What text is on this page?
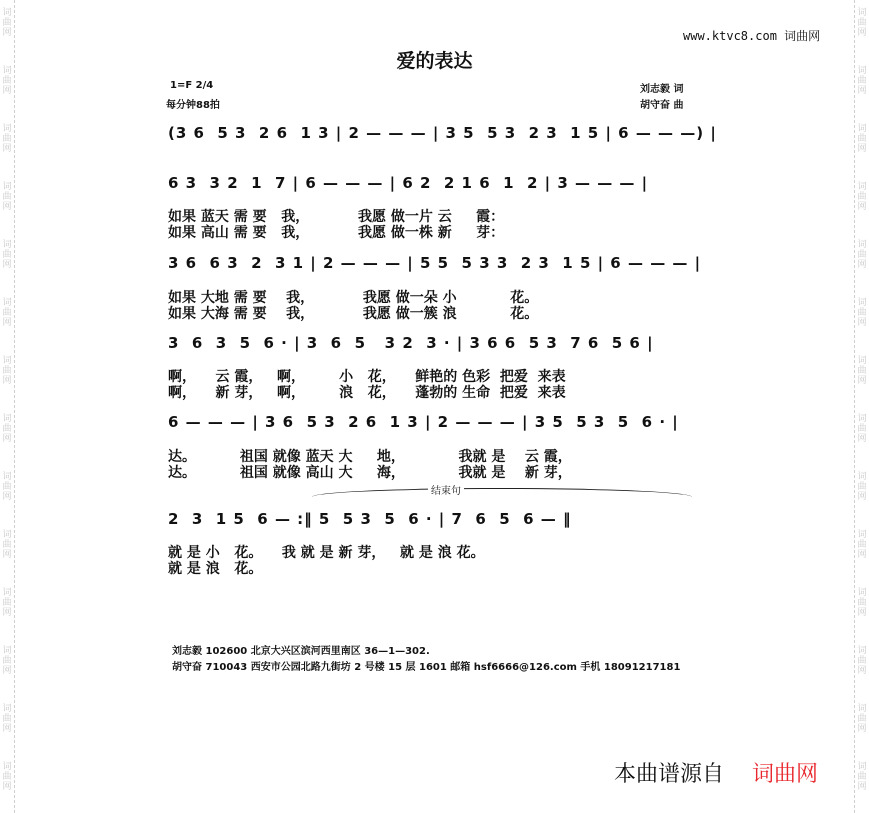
词
曲
网
词
曲
网
词
曲
网
词
曲
网
词
曲
网
词
曲
网
词
曲
网
词
曲
网
词
曲
网
词
曲
网
词
曲
网
词
曲
网
词
曲
网
词
曲
网
词
曲
网
词
曲
网
词
曲
网
词
曲
网
词
曲
网
词
曲
网
词
曲
网
词
曲
网
词
曲
网
词
曲
网
词
曲
网
词
曲
网
词
曲
网
词
曲
网
www.ktvc8.com 词曲网
爱的表达
1=F 2/4
每分钟88拍
刘志毅 词
胡守奋 曲
(3 6  5 3  2 6  1 3 | 2 — — — | 3 5  5 3  2 3  1 5 | 6 — — —) |
6 3  3 2  1  7 | 6 — — — | 6 2  2 1 6  1  2 | 3 — — — |
如果 蓝天 需 要   我，          我愿 做一片 云     霞：
如果 高山 需 要   我，          我愿 做一株 新     芽：
3 6  6 3  2  3 1 | 2 — — — | 5 5  5 3 3  2 3  1 5 | 6 — — — |
如果 大地 需 要    我，          我愿 做一朵 小           花。
如果 大海 需 要    我，          我愿 做一簇 浪           花。
3  6  3  5  6 · | 3  6  5   3 2  3 · | 3 6 6  5 3  7 6  5 6 |
啊，    云 霞，   啊，       小   花，    鲜艳的 色彩  把爱  来表
啊，    新 芽，   啊，       浪   花，    蓬勃的 生命  把爱  来表
6 — — — | 3 6  5 3  2 6  1 3 | 2 — — — | 3 5  5 3  5  6 · |
达。         祖国 就像 蓝天 大     地，           我就 是    云 霞，
达。         祖国 就像 高山 大     海，           我就 是    新 芽，
结束句
2  3  1 5  6 — :‖ 5  5 3  5  6 · | 7  6  5  6 — ‖
就 是 小   花。    我 就 是 新 芽，   就 是 浪 花。
就 是 浪   花。
刘志毅 102600 北京大兴区滨河西里南区 36—1—302.
胡守奋 710043 西安市公园北路九街坊 2 号楼 15 层 1601 邮箱 hsf6666@126.com 手机 18091217181
本曲谱源自 词曲网
